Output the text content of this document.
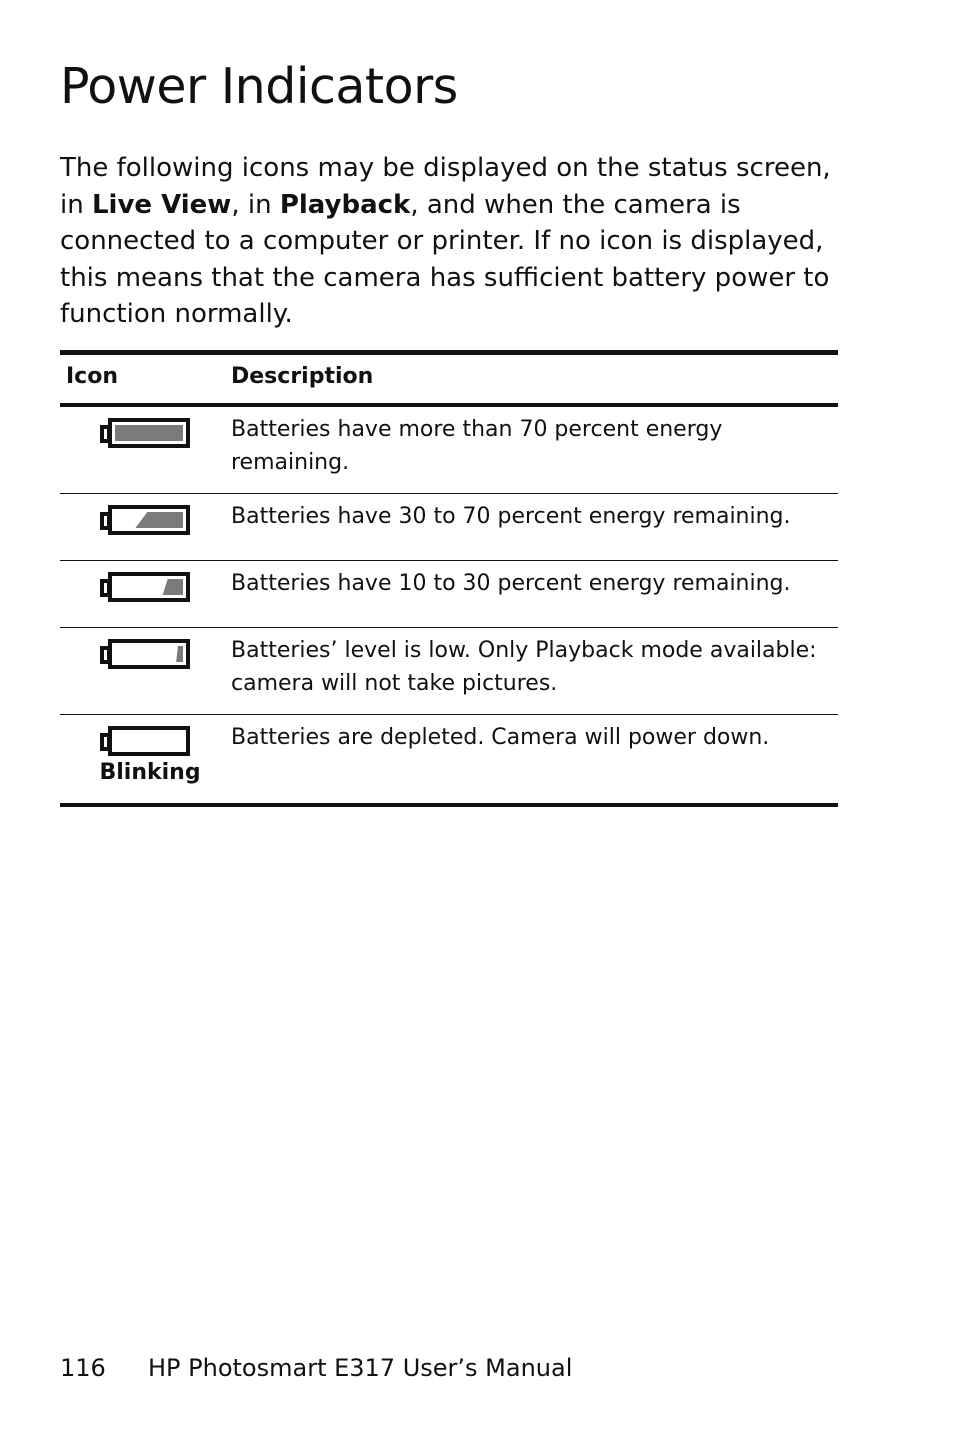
Power Indicators

The following icons may be displayed on the status screen, in Live View, in Playback, and when the camera is connected to a computer or printer. If no icon is displayed, this means that the camera has sufficient battery power to function normally.

Icon	Description

	Batteries have more than 70 percent energy remaining.

	Batteries have 30 to 70 percent energy remaining.

	Batteries have 10 to 30 percent energy remaining.

	Batteries’ level is low. Only Playback mode available: camera will not take pictures.

Blinking	Batteries are depleted. Camera will power down.
116 HP Photosmart E317 User’s Manual
